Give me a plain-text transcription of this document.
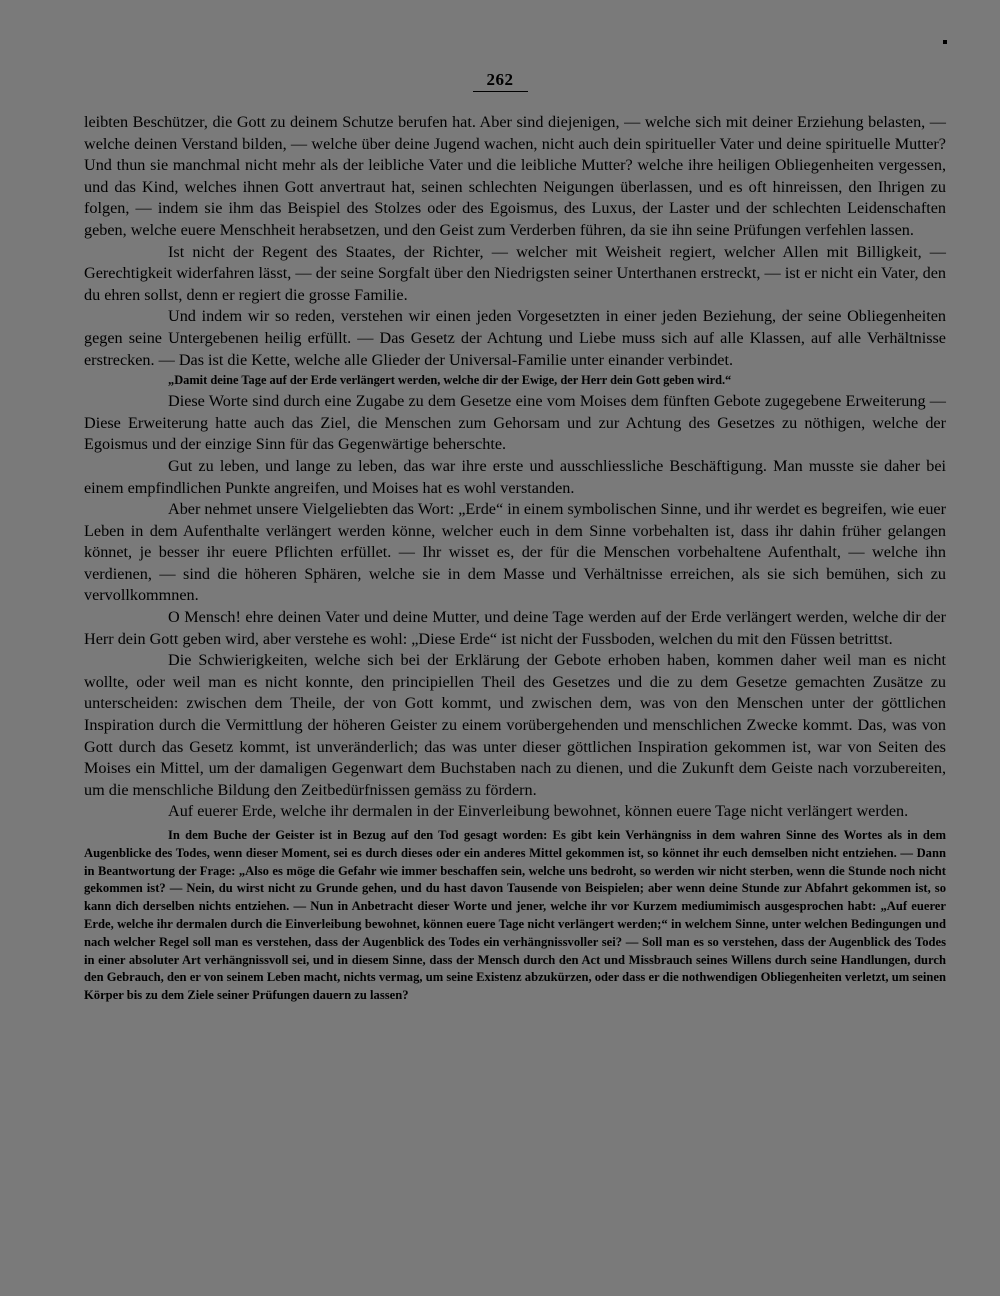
262

leibten Beschützer, die Gott zu deinem Schutze berufen hat. Aber sind diejenigen, — welche sich mit deiner Erziehung belasten, — welche deinen Verstand bilden, — welche über deine Jugend wachen, nicht auch dein spiritueller Vater und deine spirituelle Mutter? Und thun sie manchmal nicht mehr als der leibliche Vater und die leibliche Mutter? welche ihre heiligen Obliegenheiten vergessen, und das Kind, welches ihnen Gott anvertraut hat, seinen schlechten Neigungen überlassen, und es oft hinreissen, den Ihrigen zu folgen, — indem sie ihm das Beispiel des Stolzes oder des Egoismus, des Luxus, der Laster und der schlechten Leidenschaften geben, welche euere Menschheit herabsetzen, und den Geist zum Verderben führen, da sie ihn seine Prüfungen verfehlen lassen.

Ist nicht der Regent des Staates, der Richter, — welcher mit Weisheit regiert, welcher Allen mit Billigkeit, — Gerechtigkeit widerfahren lässt, — der seine Sorgfalt über den Niedrigsten seiner Unterthanen erstreckt, — ist er nicht ein Vater, den du ehren sollst, denn er regiert die grosse Familie.

Und indem wir so reden, verstehen wir einen jeden Vorgesetzten in einer jeden Beziehung, der seine Obliegenheiten gegen seine Untergebenen heilig erfüllt. — Das Gesetz der Achtung und Liebe muss sich auf alle Klassen, auf alle Verhältnisse erstrecken. — Das ist die Kette, welche alle Glieder der Universal-Familie unter einander verbindet.

„Damit deine Tage auf der Erde verlängert werden, welche dir der Ewige, der Herr dein Gott geben wird.“

Diese Worte sind durch eine Zugabe zu dem Gesetze eine vom Moises dem fünften Gebote zugegebene Erweiterung — Diese Erweiterung hatte auch das Ziel, die Menschen zum Gehorsam und zur Achtung des Gesetzes zu nöthigen, welche der Egoismus und der einzige Sinn für das Gegenwärtige beherschte.

Gut zu leben, und lange zu leben, das war ihre erste und ausschliessliche Beschäftigung. Man musste sie daher bei einem empfindlichen Punkte angreifen, und Moises hat es wohl verstanden.

Aber nehmet unsere Vielgeliebten das Wort: „Erde“ in einem symbolischen Sinne, und ihr werdet es begreifen, wie euer Leben in dem Aufenthalte verlängert werden könne, welcher euch in dem Sinne vorbehalten ist, dass ihr dahin früher gelangen könnet, je besser ihr euere Pflichten erfüllet. — Ihr wisset es, der für die Menschen vorbehaltene Aufenthalt, — welche ihn verdienen, — sind die höheren Sphären, welche sie in dem Masse und Verhältnisse erreichen, als sie sich bemühen, sich zu vervollkommnen.

O Mensch! ehre deinen Vater und deine Mutter, und deine Tage werden auf der Erde verlängert werden, welche dir der Herr dein Gott geben wird, aber verstehe es wohl: „Diese Erde“ ist nicht der Fussboden, welchen du mit den Füssen betrittst.

Die Schwierigkeiten, welche sich bei der Erklärung der Gebote erhoben haben, kommen daher weil man es nicht wollte, oder weil man es nicht konnte, den principiellen Theil des Gesetzes und die zu dem Gesetze gemachten Zusätze zu unterscheiden: zwischen dem Theile, der von Gott kommt, und zwischen dem, was von den Menschen unter der göttlichen Inspiration durch die Vermittlung der höheren Geister zu einem vorübergehenden und menschlichen Zwecke kommt. Das, was von Gott durch das Gesetz kommt, ist unveränderlich; das was unter dieser göttlichen Inspiration gekommen ist, war von Seiten des Moises ein Mittel, um der damaligen Gegenwart dem Buchstaben nach zu dienen, und die Zukunft dem Geiste nach vorzubereiten, um die menschliche Bildung den Zeitbedürfnissen gemäss zu fördern.

Auf euerer Erde, welche ihr dermalen in der Einverleibung bewohnet, können euere Tage nicht verlängert werden.

In dem Buche der Geister ist in Bezug auf den Tod gesagt worden: Es gibt kein Verhängniss in dem wahren Sinne des Wortes als in dem Augenblicke des Todes, wenn dieser Moment, sei es durch dieses oder ein anderes Mittel gekommen ist, so könnet ihr euch demselben nicht entziehen. — Dann in Beantwortung der Frage: „Also es möge die Gefahr wie immer beschaffen sein, welche uns bedroht, so werden wir nicht sterben, wenn die Stunde noch nicht gekommen ist? — Nein, du wirst nicht zu Grunde gehen, und du hast davon Tausende von Beispielen; aber wenn deine Stunde zur Abfahrt gekommen ist, so kann dich derselben nichts entziehen. — Nun in Anbetracht dieser Worte und jener, welche ihr vor Kurzem mediumimisch ausgesprochen habt: „Auf euerer Erde, welche ihr dermalen durch die Einverleibung bewohnet, können euere Tage nicht verlängert werden;“ in welchem Sinne, unter welchen Bedingungen und nach welcher Regel soll man es verstehen, dass der Augenblick des Todes ein verhängnissvoller sei? — Soll man es so verstehen, dass der Augenblick des Todes in einer absoluter Art verhängnissvoll sei, und in diesem Sinne, dass der Mensch durch den Act und Missbrauch seines Willens durch seine Handlungen, durch den Gebrauch, den er von seinem Leben macht, nichts vermag, um seine Existenz abzukürzen, oder dass er die nothwendigen Obliegenheiten verletzt, um seinen Körper bis zu dem Ziele seiner Prüfungen dauern zu lassen?
